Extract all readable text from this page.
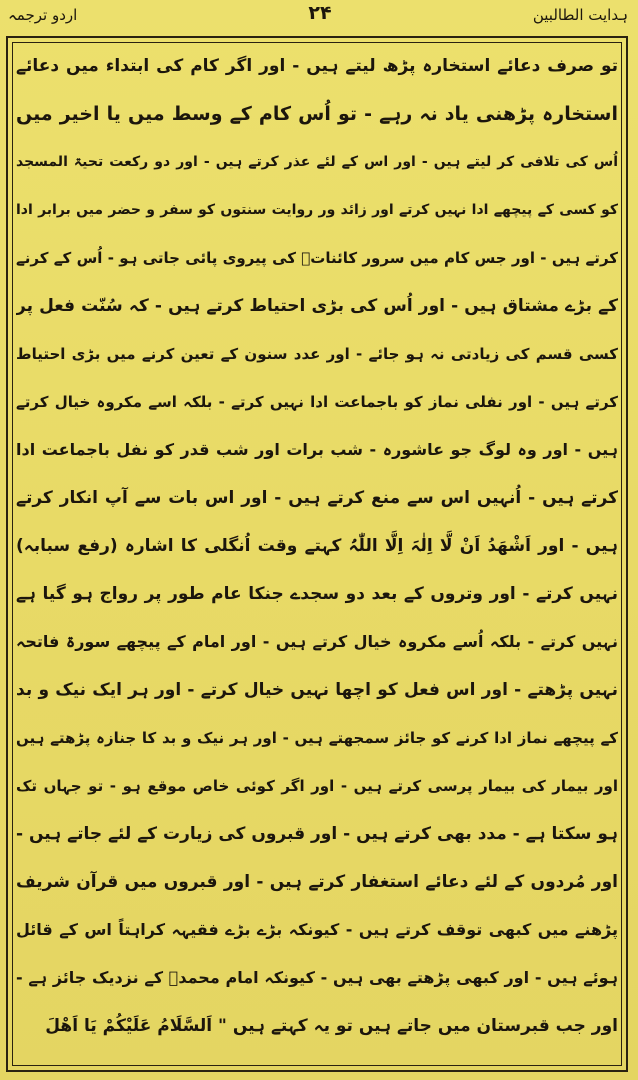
ہدایت الطالبین
۲۴
اردو ترجمہ
تو صرف دعائے استخارہ پڑھ لیتے ہیں - اور اگر کام کی ابتداء میں دعائے
استخارہ پڑھنی یاد نہ رہے - تو اُس کام کے وسط میں یا اخیر میں
اُس کی تلافی کر لیتے ہیں - اور اس کے لئے عذر کرتے ہیں - اور دو رکعت تحیۃ المسجد
کو کسی کے پیچھے ادا نہیں کرتے اور زائد ور روایت سنتوں کو سفر و حضر میں برابر ادا
کرتے ہیں - اور جس کام میں سرور کائناتؐ کی پیروی پائی جاتی ہو - اُس کے کرنے
کے بڑے مشتاق ہیں - اور اُس کی بڑی احتیاط کرتے ہیں - کہ سُنّت فعل پر
کسی قسم کی زیادتی نہ ہو جائے - اور عدد سنون کے تعین کرنے میں بڑی احتیاط
کرتے ہیں - اور نفلی نماز کو باجماعت ادا نہیں کرتے - بلکہ اسے مکروہ خیال کرتے
ہیں - اور وہ لوگ جو عاشورہ - شب برات اور شب قدر کو نفل باجماعت ادا
کرتے ہیں - اُنہیں اس سے منع کرتے ہیں - اور اس بات سے آپ انکار کرتے
ہیں - اور اَشْھَدُ اَنْ لَّا اِلٰہَ اِلَّا اللّٰہُ کہتے وقت اُنگلی کا اشارہ (رفع سبابہ)
نہیں کرتے - اور وتروں کے بعد دو سجدے جنکا عام طور پر رواج ہو گیا ہے
نہیں کرتے - بلکہ اُسے مکروہ خیال کرتے ہیں - اور امام کے پیچھے سورۃ فاتحہ
نہیں پڑھتے - اور اس فعل کو اچھا نہیں خیال کرتے - اور ہر ایک نیک و بد
کے پیچھے نماز ادا کرنے کو جائز سمجھتے ہیں - اور ہر نیک و بد کا جنازہ پڑھتے ہیں
اور بیمار کی بیمار پرسی کرتے ہیں - اور اگر کوئی خاص موقع ہو - تو جہاں تک
ہو سکتا ہے - مدد بھی کرتے ہیں - اور قبروں کی زیارت کے لئے جاتے ہیں -
اور مُردوں کے لئے دعائے استغفار کرتے ہیں - اور قبروں میں قرآن شریف
پڑھنے میں کبھی توقف کرتے ہیں - کیونکہ بڑے بڑے فقیہہ کراہتاً اس کے قائل
ہوئے ہیں - اور کبھی پڑھتے بھی ہیں - کیونکہ امام محمدؒ کے نزدیک جائز ہے -
اور جب قبرستان میں جاتے ہیں تو یہ کہتے ہیں " اَلسَّلَامُ عَلَیْکُمْ یَا اَھْلَ
